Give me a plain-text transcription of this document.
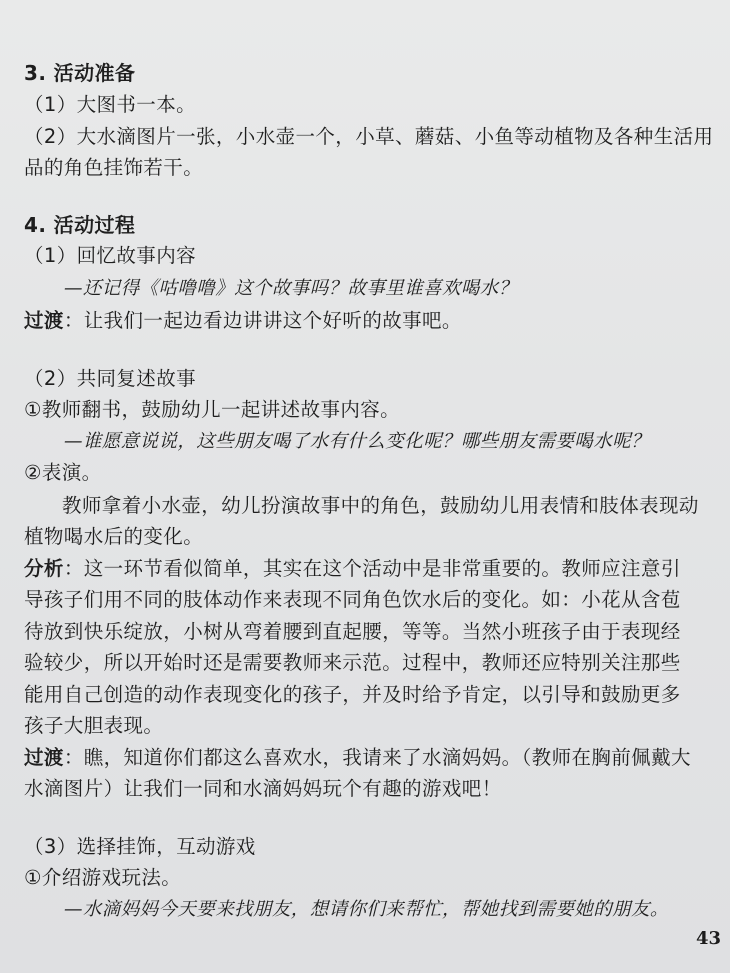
3. 活动准备
（1）大图书一本。
（2）大水滴图片一张，小水壶一个，小草、蘑菇、小鱼等动植物及各种生活用
品的角色挂饰若干。
4. 活动过程
（1）回忆故事内容
—还记得《咕噜噜》这个故事吗？故事里谁喜欢喝水？
过渡：让我们一起边看边讲讲这个好听的故事吧。
（2）共同复述故事
①教师翻书，鼓励幼儿一起讲述故事内容。
—谁愿意说说，这些朋友喝了水有什么变化呢？哪些朋友需要喝水呢？
②表演。
教师拿着小水壶，幼儿扮演故事中的角色，鼓励幼儿用表情和肢体表现动
植物喝水后的变化。
分析：这一环节看似简单，其实在这个活动中是非常重要的。教师应注意引
导孩子们用不同的肢体动作来表现不同角色饮水后的变化。如：小花从含苞
待放到快乐绽放，小树从弯着腰到直起腰，等等。当然小班孩子由于表现经
验较少，所以开始时还是需要教师来示范。过程中，教师还应特别关注那些
能用自己创造的动作表现变化的孩子，并及时给予肯定，以引导和鼓励更多
孩子大胆表现。
过渡：瞧，知道你们都这么喜欢水，我请来了水滴妈妈。（教师在胸前佩戴大
水滴图片）让我们一同和水滴妈妈玩个有趣的游戏吧！
（3）选择挂饰，互动游戏
①介绍游戏玩法。
—水滴妈妈今天要来找朋友，想请你们来帮忙，帮她找到需要她的朋友。
43
